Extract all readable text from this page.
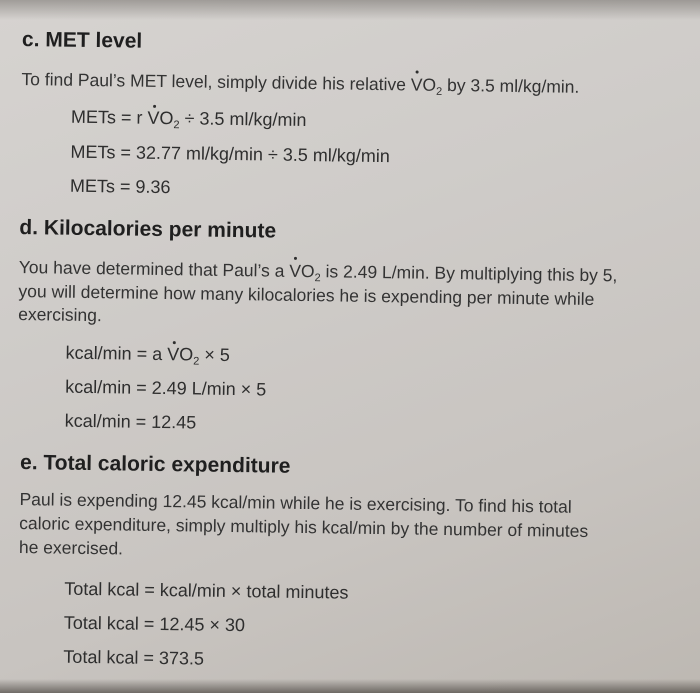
c. MET level
To find Paul’s MET level, simply divide his relative $VO_2$ by 3.5 ml/kg/min.
METs = r $VO_2 \div 3.5$ ml/kg/min
METs = 32.77 ml/kg/min ÷ 3.5 ml/kg/min
METs = 9.36
d. Kilocalories per minute
You have determined that Paul’s a $VO_2$ is 2.49 L/min. By multiplying this by 5,
you will determine how many kilocalories he is expending per minute while
exercising.
kcal/min = a $VO_2 \times 5$
kcal/min = 2.49 L/min × 5
kcal/min = 12.45
e. Total caloric expenditure
Paul is expending 12.45 kcal/min while he is exercising. To find his total
caloric expenditure, simply multiply his kcal/min by the number of minutes
he exercised.
Total kcal = kcal/min × total minutes
Total kcal = 12.45 × 30
Total kcal = 373.5
